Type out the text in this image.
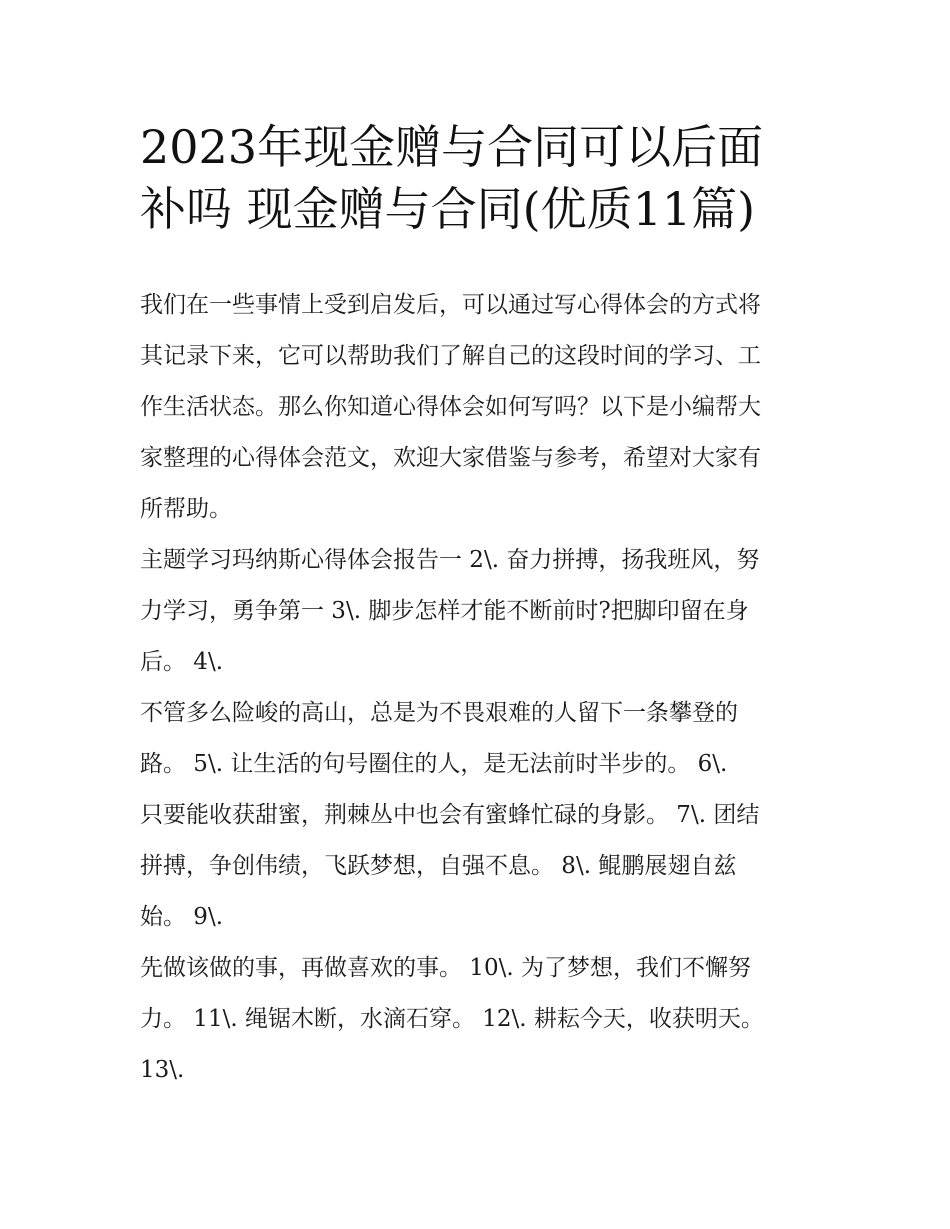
2023年现金赠与合同可以后面
补吗 现金赠与合同(优质11篇)
我们在一些事情上受到启发后，可以通过写心得体会的方式将
其记录下来，它可以帮助我们了解自己的这段时间的学习、工
作生活状态。那么你知道心得体会如何写吗？以下是小编帮大
家整理的心得体会范文，欢迎大家借鉴与参考，希望对大家有
所帮助。
主题学习玛纳斯心得体会报告一 2\. 奋力拼搏，扬我班风，努
力学习，勇争第一 3\. 脚步怎样才能不断前时?把脚印留在身
后。 4\.
不管多么险峻的高山，总是为不畏艰难的人留下一条攀登的
路。 5\. 让生活的句号圈住的人，是无法前时半步的。 6\.
只要能收获甜蜜，荆棘丛中也会有蜜蜂忙碌的身影。 7\. 团结
拼搏，争创伟绩，飞跃梦想，自强不息。 8\. 鲲鹏展翅自兹
始。 9\.
先做该做的事，再做喜欢的事。 10\. 为了梦想，我们不懈努
力。 11\. 绳锯木断，水滴石穿。 12\. 耕耘今天，收获明天。
13\.
